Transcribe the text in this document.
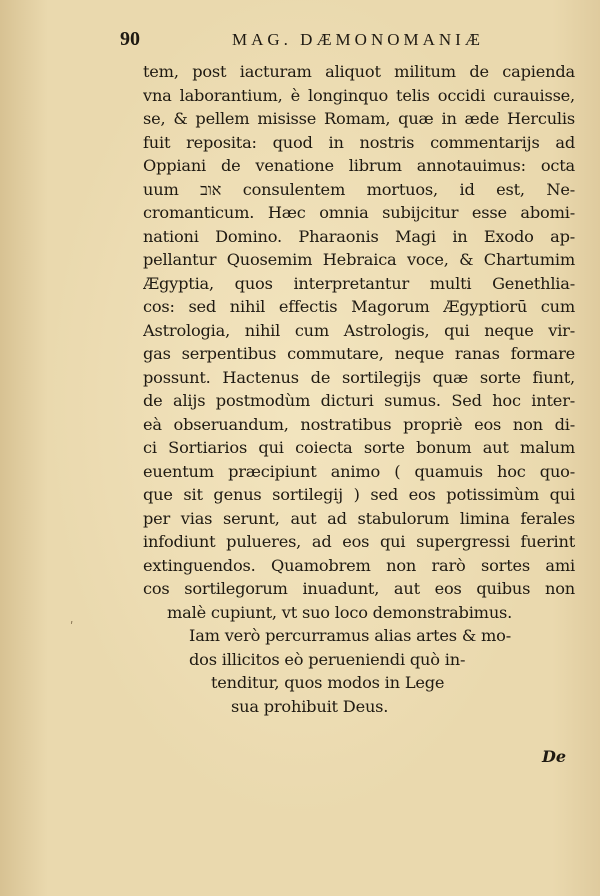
90	MAG. DÆMONOMANIÆ
tem, post iacturam aliquot militum de capienda
vna laborantium, è longinquo telis occidi curauisse,
se, & pellem misisse Romam, quæ in æde Herculis
fuit reposita: quod in nostris commentarijs ad
Oppiani de venatione librum annotauimus: octa
uum אוב consulentem mortuos, id est, Ne-
cromanticum. Hæc omnia subijcitur esse abomi-
nationi Domino. Pharaonis Magi in Exodo ap-
pellantur Quosemim Hebraica voce, & Chartumim
Ægyptia, quos interpretantur multi Genethlia-
cos: sed nihil effectis Magorum Ægyptiorū cum
Astrologia, nihil cum Astrologis, qui neque vir-
gas serpentibus commutare, neque ranas formare
possunt. Hactenus de sortilegijs quæ sorte fiunt,
de alijs postmodùm dicturi sumus. Sed hoc inter-
eà obseruandum, nostratibus propriè eos non di-
ci Sortiarios qui coiecta sorte bonum aut malum
euentum præcipiunt animo ( quamuis hoc quo-
que sit genus sortilegij ) sed eos potissimùm qui
per vias serunt, aut ad stabulorum limina ferales
infodiunt pulueres, ad eos qui supergressi fuerint
extinguendos. Quamobrem non rarò sortes ami
cos sortilegorum inuadunt, aut eos quibus non
malè cupiunt, vt suo loco demonstrabimus.
Iam verò percurramus alias artes & mo-
dos illicitos eò perueniendi quò in-
tenditur, quos modos in Lege
sua prohibuit Deus.
De
ʹ
